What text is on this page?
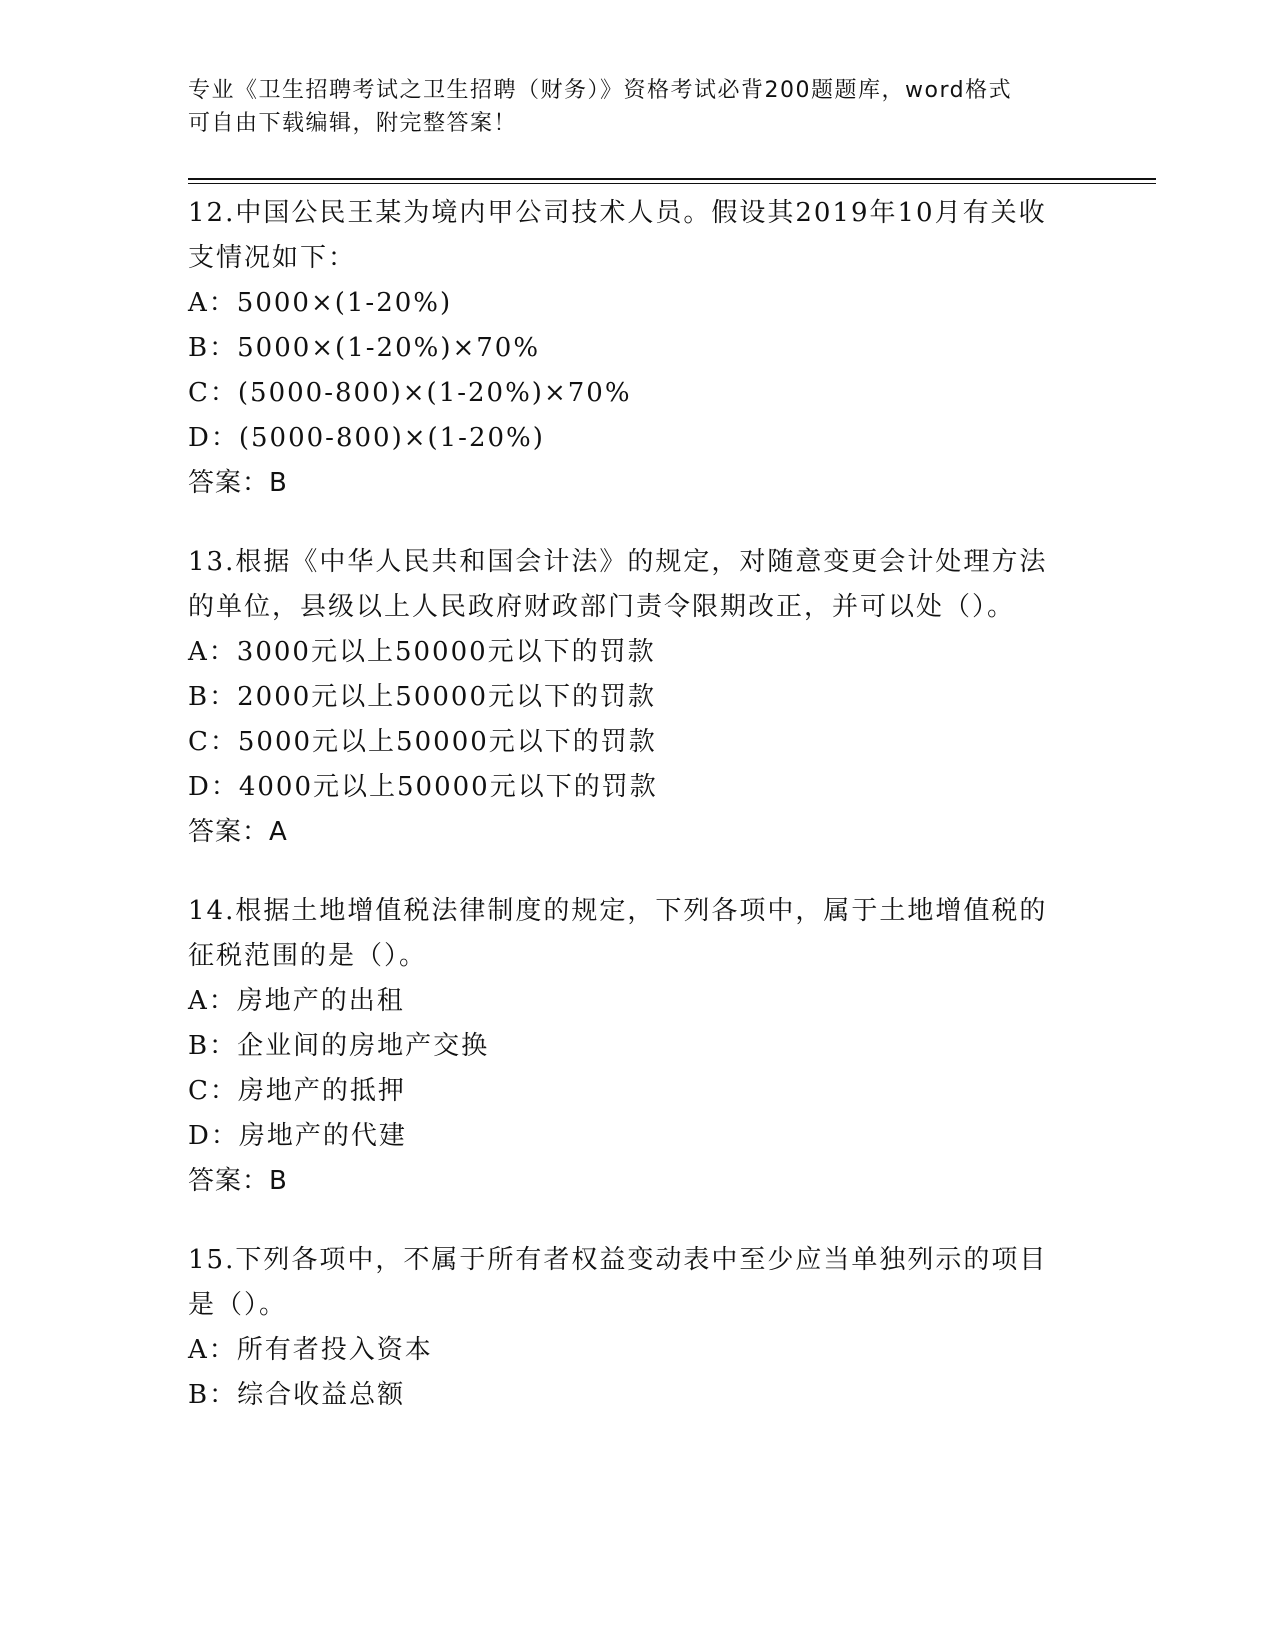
专业《卫生招聘考试之卫生招聘（财务）》资格考试必背200题题库，word格式
可自由下载编辑，附完整答案！

12.中国公民王某为境内甲公司技术人员。假设其2019年10月有关收

支情况如下：

A：5000×(1-20%)

B：5000×(1-20%)×70%

C：(5000-800)×(1-20%)×70%

D：(5000-800)×(1-20%)

答案：B

13.根据《中华人民共和国会计法》的规定，对随意变更会计处理方法

的单位，县级以上人民政府财政部门责令限期改正，并可以处（）。

A：3000元以上50000元以下的罚款

B：2000元以上50000元以下的罚款

C：5000元以上50000元以下的罚款

D：4000元以上50000元以下的罚款

答案：A

14.根据土地增值税法律制度的规定，下列各项中，属于土地增值税的

征税范围的是（）。

A：房地产的出租

B：企业间的房地产交换

C：房地产的抵押

D：房地产的代建

答案：B

15.下列各项中，不属于所有者权益变动表中至少应当单独列示的项目

是（）。

A：所有者投入资本

B：综合收益总额
